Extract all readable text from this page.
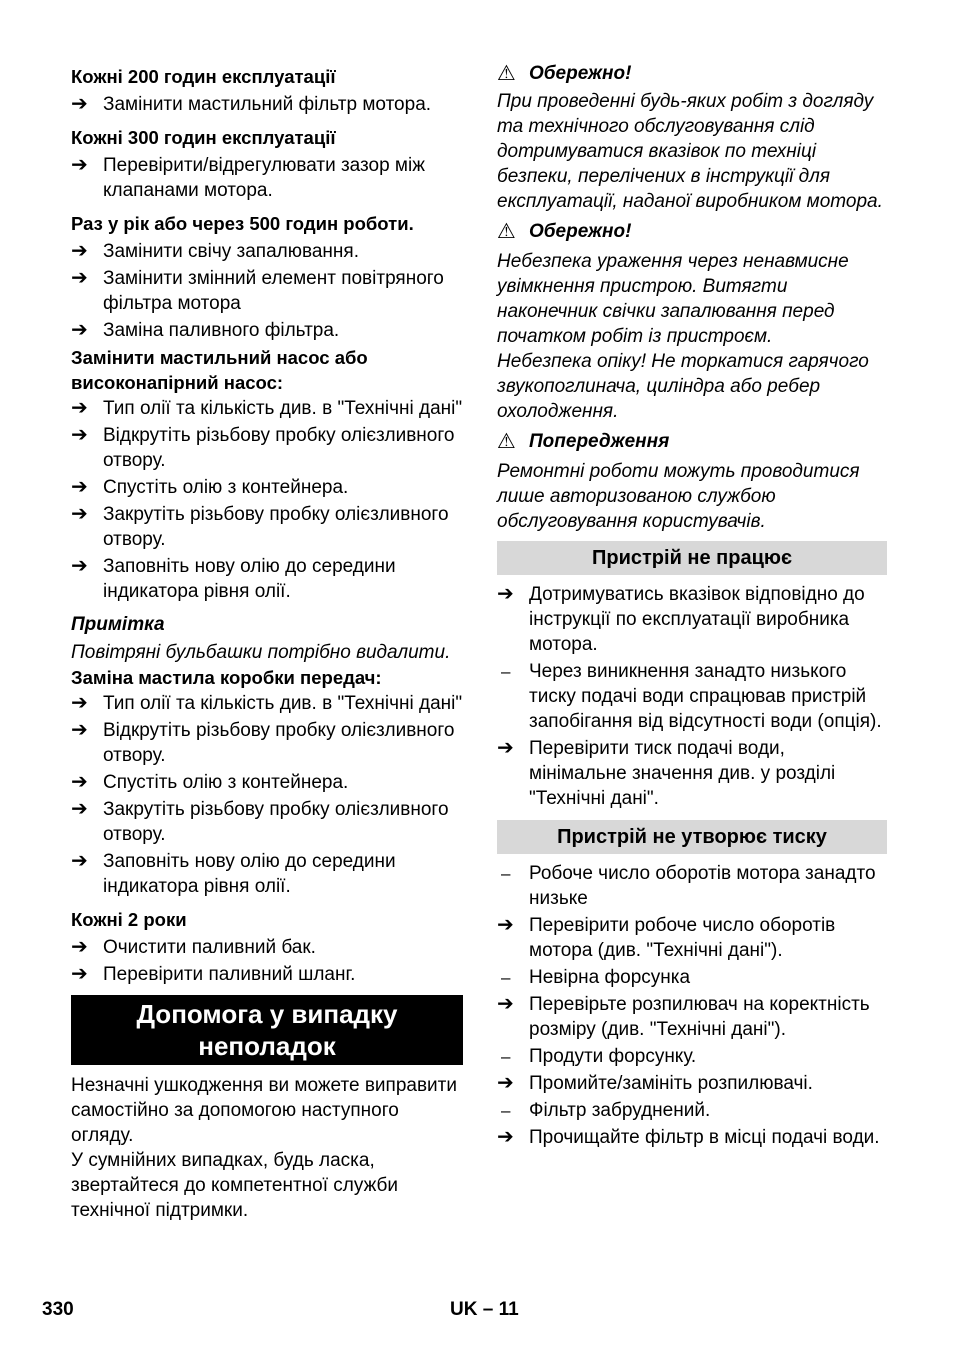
Кожні 200 годин експлуатації
➔ Замінити мастильний фільтр мотора.
Кожні 300 годин експлуатації
➔ Перевірити/відрегулювати зазор між клапанами мотора.
Раз у рік або через 500 годин роботи.
➔ Замінити свічу запалювання.
➔ Замінити змінний елемент повітряного фільтра мотора
➔ Заміна паливного фільтра.
Замінити мастильний насос або високонапірний насос:
➔ Тип олії та кількість див. в "Технічні дані"
➔ Відкрутіть різьбову пробку олієзливного отвору.
➔ Спустіть олію з контейнера.
➔ Закрутіть різьбову пробку олієзливного отвору.
➔ Заповніть нову олію до середини індикатора рівня олії.
Примітка
Повітряні бульбашки потрібно видалити.
Заміна мастила коробки передач:
➔ Тип олії та кількість див. в "Технічні дані"
➔ Відкрутіть різьбову пробку олієзливного отвору.
➔ Спустіть олію з контейнера.
➔ Закрутіть різьбову пробку олієзливного отвору.
➔ Заповніть нову олію до середини індикатора рівня олії.
Кожні 2 роки
➔ Очистити паливний бак.
➔ Перевірити паливний шланг.
Допомога у випадку
неполадок
Незначні ушкодження ви можете виправити самостійно за допомогою наступного огляду.
У сумнійних випадках, будь ласка, звертайтеся до компетентної служби технічної підтримки.
⚠ Обережно!
При проведенні будь-яких робіт з догляду та технічного обслуговування слід дотримуватися вказівок по техніці безпеки, перелічених в інструкції для експлуатації, наданої виробником мотора.
⚠ Обережно!
Небезпека ураження через ненавмисне увімкнення пристрою. Витягти наконечник свічки запалювання перед початком робіт із пристроєм.
Небезпека опіку! Не торкатися гарячого звукопоглинача, циліндра або ребер охолодження.
⚠ Попередження
Ремонтні роботи можуть проводитися лише авторизованою службою обслуговування користувачів.
Пристрій не працює
➔ Дотримуватись вказівок відповідно до інструкції по експлуатації виробника мотора.
– Через виникнення занадто низького тиску подачі води спрацював пристрій запобігання від відсутності води (опція).
➔ Перевірити тиск подачі води, мінімальне значення див. у розділі "Технічні дані".
Пристрій не утворює тиску
– Робоче число оборотів мотора занадто низьке
➔ Перевірити робоче число оборотів мотора (див. "Технічні дані").
– Невірна форсунка
➔ Перевірьте розпилювач на коректність розміру (див. "Технічні дані").
– Продути форсунку.
➔ Промийте/замініть розпилювачі.
– Фільтр забруднений.
➔ Прочищайте фільтр в місці подачі води.
330	UK – 11
